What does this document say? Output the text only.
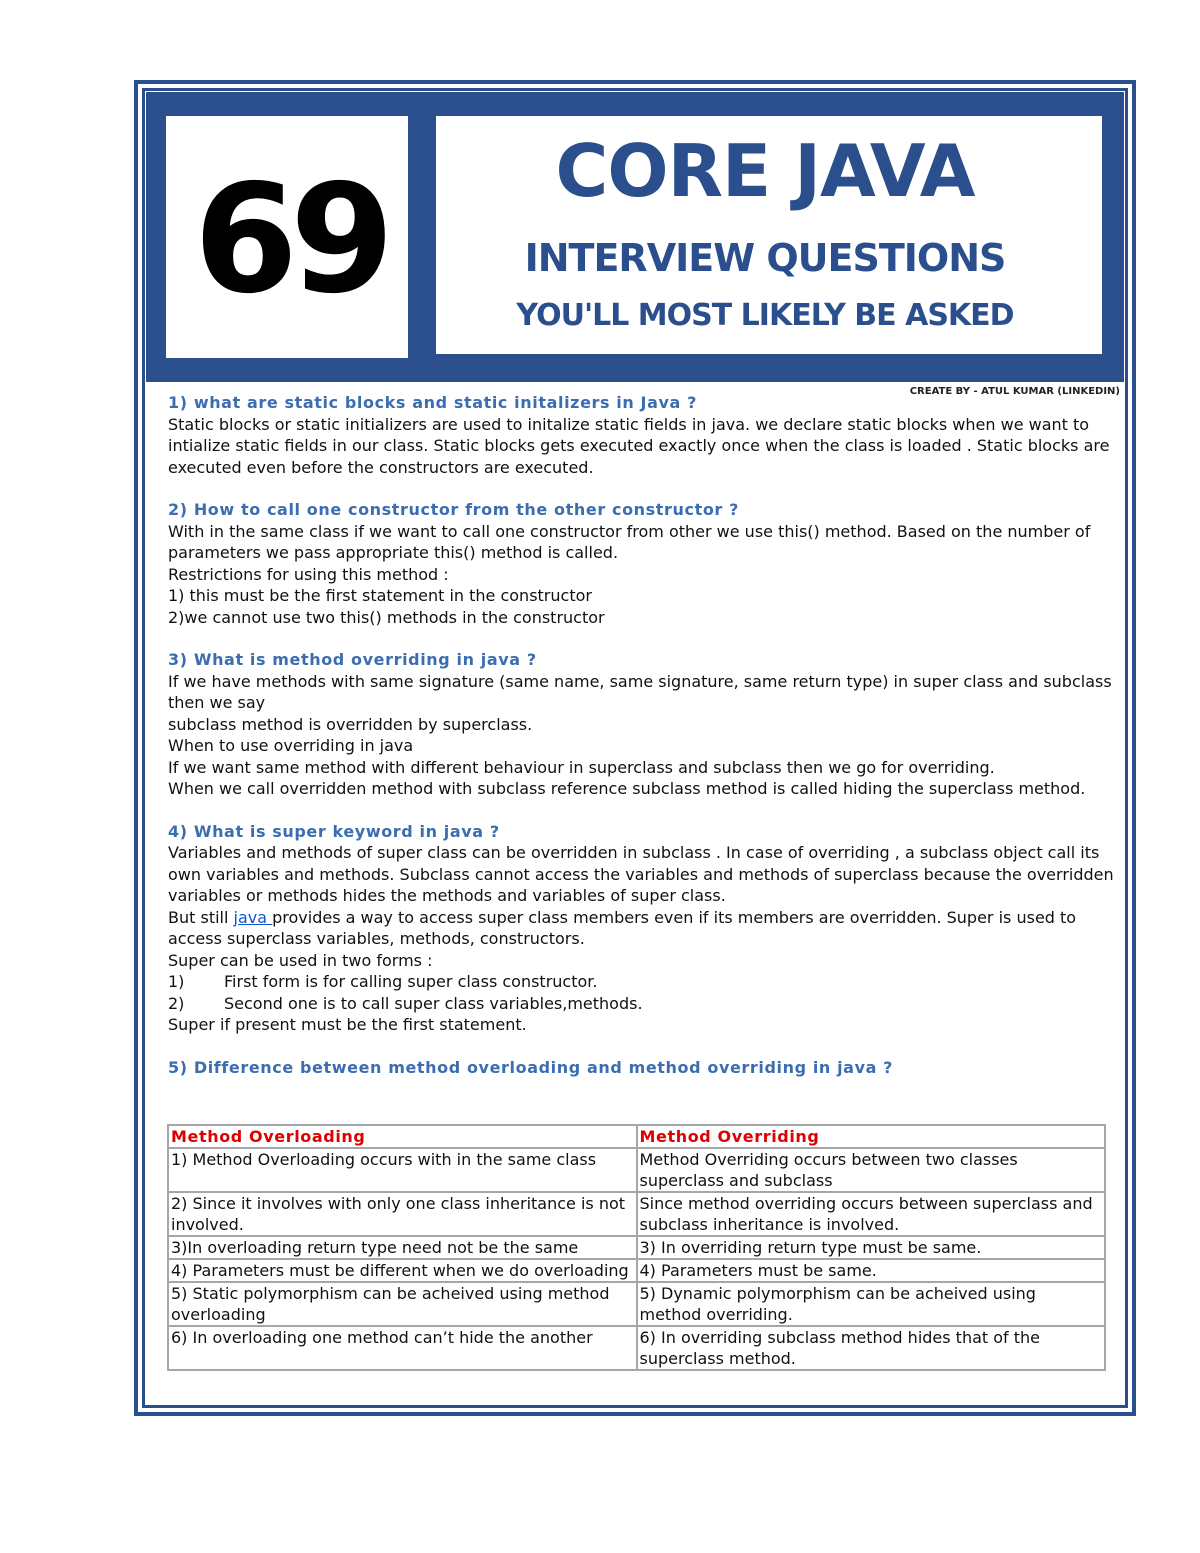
69	CORE JAVA
INTERVIEW QUESTIONS
YOU'LL MOST LIKELY BE ASKED
CREATE BY - ATUL KUMAR (LINKEDIN)

1) what are static blocks and static initalizers in Java ?

Static blocks or static initializers are used to initalize static fields in java. we declare static blocks when we want to intialize static fields in our class. Static blocks gets executed exactly once when the class is loaded . Static blocks are executed even before the constructors are executed.

2) How to call one constructor from the other constructor ?

With in the same class if we want to call one constructor from other we use this() method. Based on the number of parameters we pass appropriate this() method is called.

Restrictions for using this method :

1) this must be the first statement in the constructor

2)we cannot use two this() methods in the constructor

3) What is method overriding in java ?

If we have methods with same signature (same name, same signature, same return type) in super class and subclass then we say

subclass method is overridden by superclass.

When to use overriding in java

If we want same method with different behaviour in superclass and subclass then we go for overriding.

When we call overridden method with subclass reference subclass method is called hiding the superclass method.

4) What is super keyword in java ?

Variables and methods of super class can be overridden in subclass . In case of overriding , a subclass object call its own variables and methods. Subclass cannot access the variables and methods of superclass because the overridden variables or methods hides the methods and variables of super class.

But still java provides a way to access super class members even if its members are overridden. Super is used to access superclass variables, methods, constructors.

Super can be used in two forms :

1) First form is for calling super class constructor.

2) Second one is to call super class variables,methods.

Super if present must be the first statement.

5) Difference between method overloading and method overriding in java ?

Method Overloading	Method Overriding
1) Method Overloading occurs with in the same class	Method Overriding occurs between two classes superclass and subclass
2) Since it involves with only one class inheritance is not involved.	Since method overriding occurs between superclass and subclass inheritance is involved.
3)In overloading return type need not be the same	3) In overriding return type must be same.
4) Parameters must be different when we do overloading	4) Parameters must be same.
5) Static polymorphism can be acheived using method overloading	5) Dynamic polymorphism can be acheived using method overriding.
6) In overloading one method can’t hide the another	6) In overriding subclass method hides that of the superclass method.
